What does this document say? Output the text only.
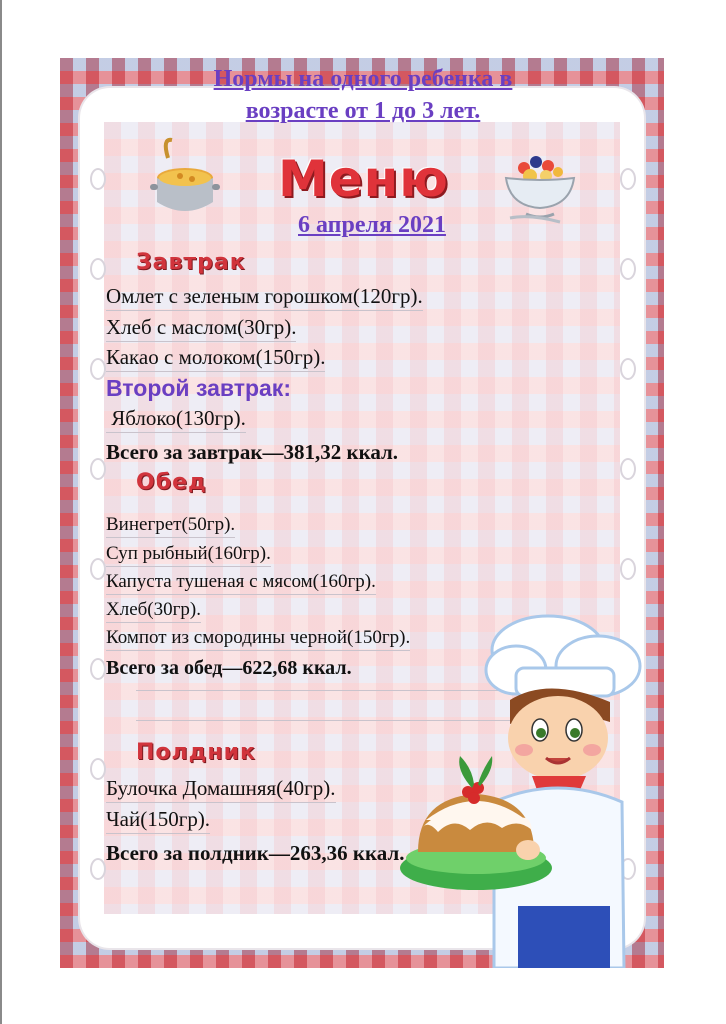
Нормы на одного ребенка в
возрасте от 1 до 3 лет.
Меню
6 апреля 2021
Завтрак
Омлет с зеленым горошком(120гр).
Хлеб с маслом(30гр).
Какао с молоком(150гр).
Второй завтрак:
Яблоко(130гр).
Всего за завтрак—381,32 ккал.
Обед
Винегрет(50гр).
Суп рыбный(160гр).
Капуста тушеная с мясом(160гр).
Хлеб(30гр).
Компот из смородины черной(150гр).
Всего за обед—622,68 ккал.
Полдник
Булочка Домашняя(40гр).
Чай(150гр).
Всего за полдник—263,36 ккал.
